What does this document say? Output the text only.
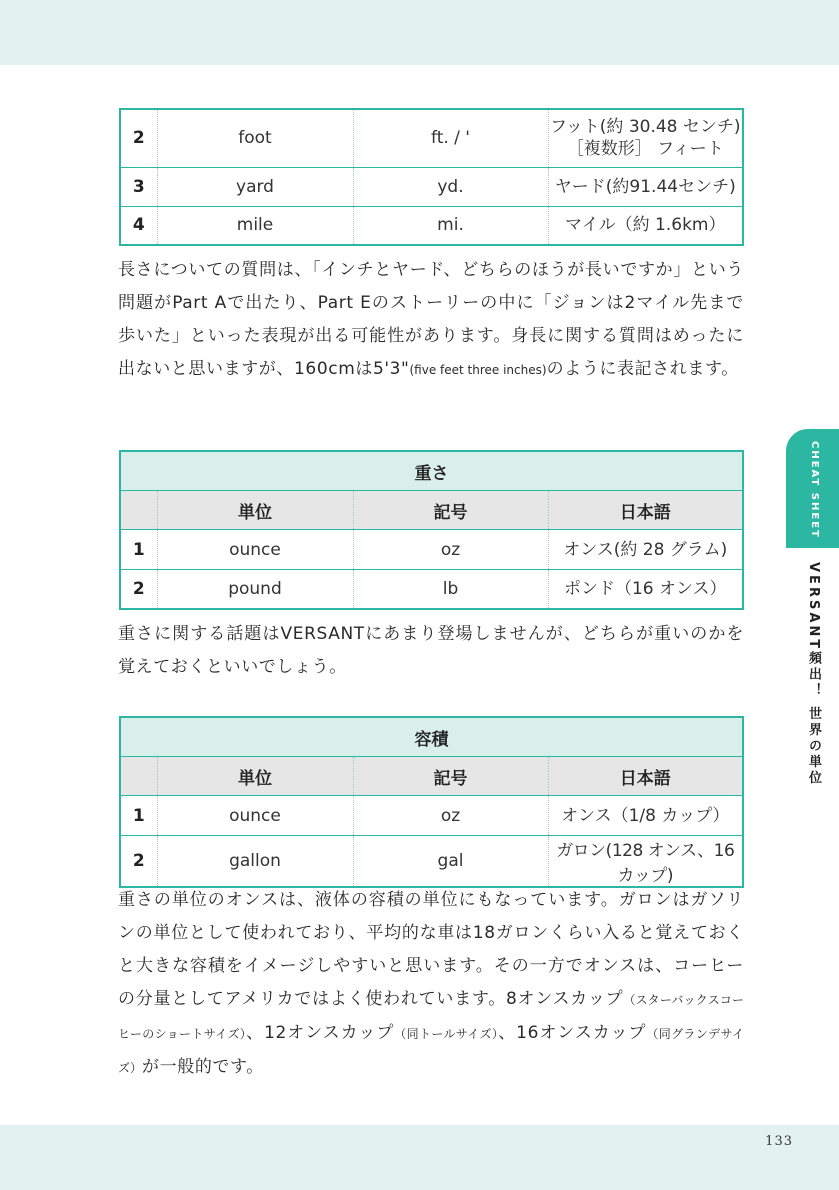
2	foot	ft. / '	フット(約 30.48 センチ)
［複数形］ フィート

3	yard	yd.	ヤード(約91.44センチ)
4	mile	mi.	マイル（約 1.6km）

長さについての質問は、「インチとヤード、どちらのほうが長いですか」という問題がPart Aで出たり、Part Eのストーリーの中に「ジョンは2マイル先まで歩いた」といった表現が出る可能性があります。身長に関する質問はめったに出ないと思いますが、160cmは5'3"(five feet three inches)のように表記されます。

重さ			
	単位	記号	日本語
1	ounce	oz	オンス(約 28 グラム)
2	pound	lb	ポンド（16 オンス）

重さに関する話題はVERSANTにあまり登場しませんが、どちらが重いのかを覚えておくといいでしょう。

容積			
	単位	記号	日本語
1	ounce	oz	オンス（1/8 カップ）
2	gallon	gal	ガロン(128 オンス、16 カップ)

重さの単位のオンスは、液体の容積の単位にもなっています。ガロンはガソリンの単位として使われており、平均的な車は18ガロンくらい入ると覚えておくと大きな容積をイメージしやすいと思います。その一方でオンスは、コーヒーの分量としてアメリカではよく使われています。8オンスカップ（スターバックスコーヒーのショートサイズ）、12オンスカップ（同トールサイズ）、16オンスカップ（同グランデサイズ）が一般的です。

CHEAT SHEET
VERSANT頻出！ 世界の単位
133
